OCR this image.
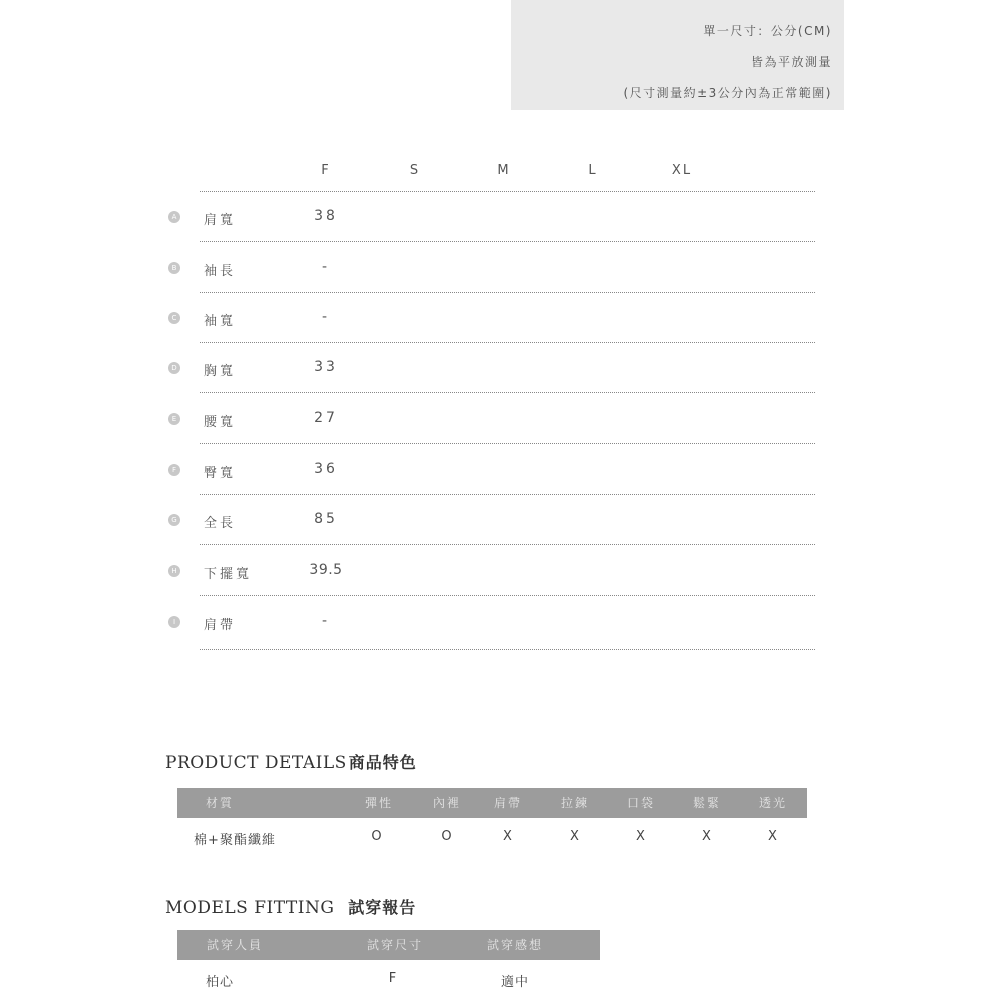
單一尺寸：公分(CM)
皆為平放測量
(尺寸測量約±3公分內為正常範圍)
F	S	M	L	XL
A 肩寬	38
B 袖長	-
C 袖寬	-
D 胸寬	33
E 腰寬	27
F	臀寬	36
G 全長	85
H 下擺寬	39.5
I	肩帶	-
PRODUCT DETAILS 商品特色
材質	彈性	內裡	肩帶	拉鍊	口袋	鬆緊	透光
棉+聚酯纖維	O	O	X	X	X	X	X
MODELS FITTING 試穿報告
試穿人員	試穿尺寸	試穿感想
柏心	F	適中
